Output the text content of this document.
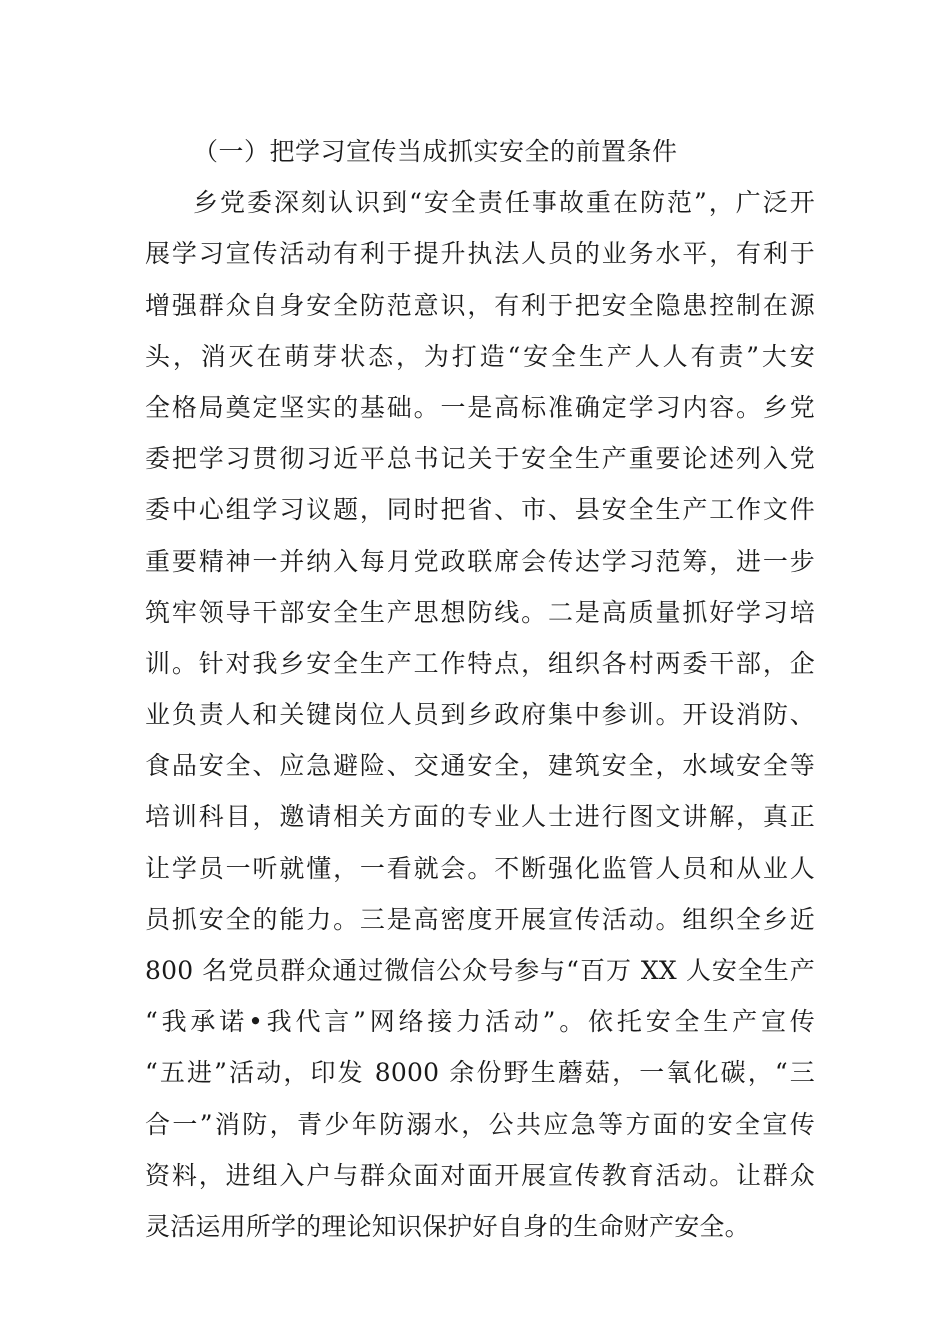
（一）把学习宣传当成抓实安全的前置条件
乡党委深刻认识到“安全责任事故重在防范”，广泛开
展学习宣传活动有利于提升执法人员的业务水平，有利于
增强群众自身安全防范意识，有利于把安全隐患控制在源
头，消灭在萌芽状态，为打造“安全生产人人有责”大安
全格局奠定坚实的基础。一是高标准确定学习内容。乡党
委把学习贯彻习近平总书记关于安全生产重要论述列入党
委中心组学习议题，同时把省、市、县安全生产工作文件
重要精神一并纳入每月党政联席会传达学习范筹，进一步
筑牢领导干部安全生产思想防线。二是高质量抓好学习培
训。针对我乡安全生产工作特点，组织各村两委干部，企
业负责人和关键岗位人员到乡政府集中参训。开设消防、
食品安全、应急避险、交通安全，建筑安全，水域安全等
培训科目，邀请相关方面的专业人士进行图文讲解，真正
让学员一听就懂，一看就会。不断强化监管人员和从业人
员抓安全的能力。三是高密度开展宣传活动。组织全乡近
800 名党员群众通过微信公众号参与“百万 XX 人安全生产
“我承诺•我代言”网络接力活动”。依托安全生产宣传
“五进”活动，印发 8000 余份野生蘑菇，一氧化碳，“三
合一”消防，青少年防溺水，公共应急等方面的安全宣传
资料，进组入户与群众面对面开展宣传教育活动。让群众
灵活运用所学的理论知识保护好自身的生命财产安全。
